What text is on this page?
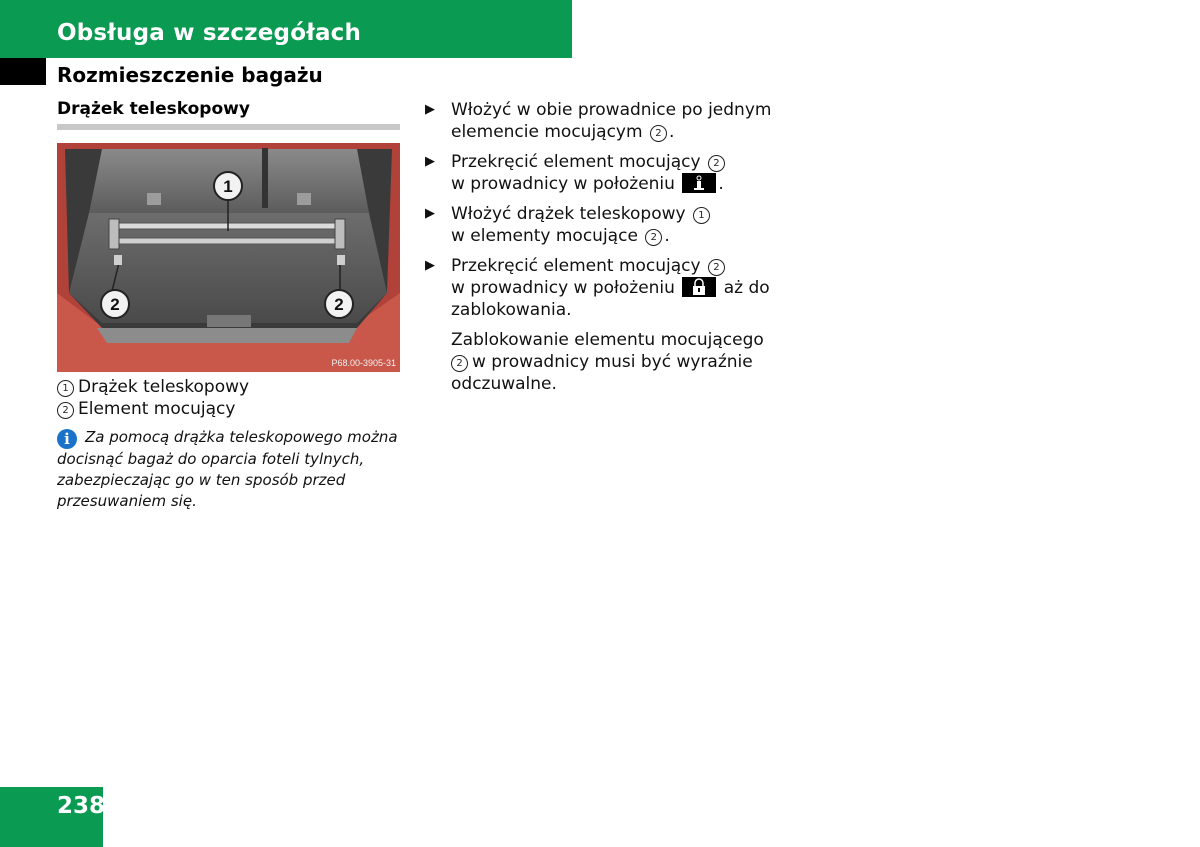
Obsługa w szczegółach
Rozmieszczenie bagażu
Drążek teleskopowy
1
2	2
P68.00-3905-31
1 Drążek teleskopowy
2 Element mocujący
i Za pomocą drążka teleskopowego można docisnąć bagaż do oparcia foteli tylnych, zabezpieczając go w ten sposób przed przesuwaniem się.
▶ Włożyć w obie prowadnice po jednym elemencie mocującym 2 .
▶ Przekręcić element mocujący 2
w prowadnicy w położeniu	.
▶ Włożyć drążek teleskopowy 1
w elementy mocujące 2 .
▶ Przekręcić element mocujący 2
w prowadnicy w położeniu	aż do zablokowania.
Zablokowanie elementu mocującego
2 w prowadnicy musi być wyraźnie odczuwalne.
238
